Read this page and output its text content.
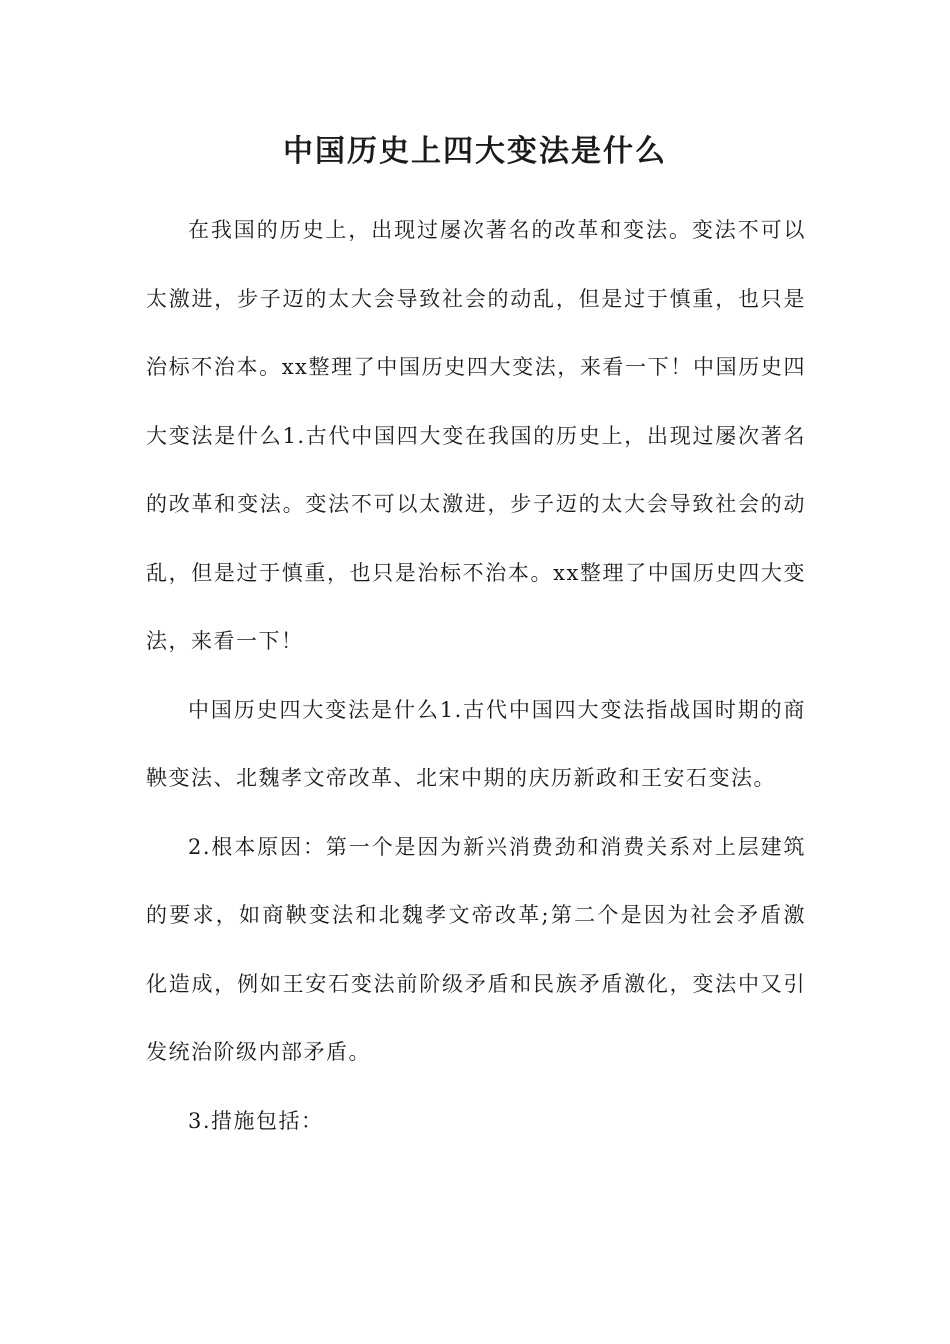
中国历史上四大变法是什么

在我国的历史上，出现过屡次著名的改革和变法。变法不可以太激进，步子迈的太大会导致社会的动乱，但是过于慎重，也只是治标不治本。xx整理了中国历史四大变法，来看一下！中国历史四大变法是什么1.古代中国四大变在我国的历史上，出现过屡次著名的改革和变法。变法不可以太激进，步子迈的太大会导致社会的动乱，但是过于慎重，也只是治标不治本。xx整理了中国历史四大变法，来看一下！

中国历史四大变法是什么1.古代中国四大变法指战国时期的商鞅变法、北魏孝文帝改革、北宋中期的庆历新政和王安石变法。

2.根本原因：第一个是因为新兴消费劲和消费关系对上层建筑的要求，如商鞅变法和北魏孝文帝改革;第二个是因为社会矛盾激化造成，例如王安石变法前阶级矛盾和民族矛盾激化，变法中又引发统治阶级内部矛盾。

3.措施包括：
